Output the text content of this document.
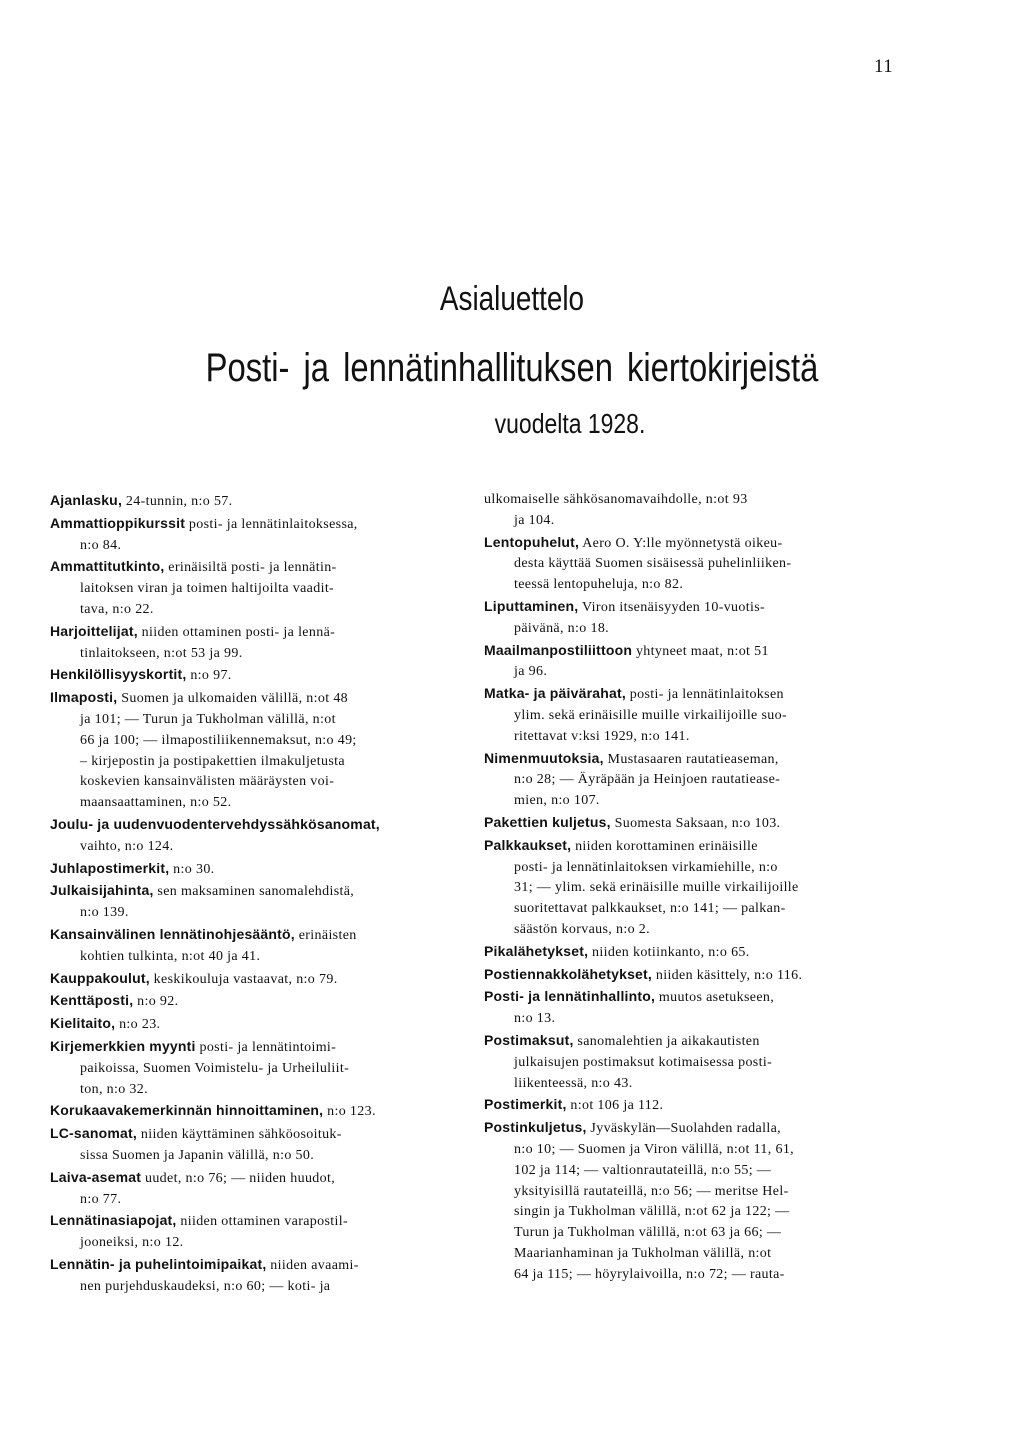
11
Asialuettelo
Posti- ja lennätinhallituksen kiertokirjeistä
vuodelta 1928.

Ajanlasku, 24-tunnin, n:o 57.

Ammattioppikurssit posti- ja lennätinlaitoksessa,
n:o 84.

Ammattitutkinto, erinäisiltä posti- ja lennätin-
laitoksen viran ja toimen haltijoilta vaadit-
tava, n:o 22.

Harjoittelijat, niiden ottaminen posti- ja lennä-
tinlaitokseen, n:ot 53 ja 99.

Henkilöllisyyskortit, n:o 97.

Ilmaposti, Suomen ja ulkomaiden välillä, n:ot 48
ja 101; — Turun ja Tukholman välillä, n:ot
66 ja 100; — ilmapostiliikennemaksut, n:o 49;
– kirjepostin ja postipakettien ilmakuljetusta
koskevien kansainvälisten määräysten voi-
maansaattaminen, n:o 52.

Joulu- ja uudenvuodentervehdyssähkösanomat,
vaihto, n:o 124.

Juhlapostimerkit, n:o 30.

Julkaisijahinta, sen maksaminen sanomalehdistä,
n:o 139.

Kansainvälinen lennätinohjesääntö, erinäisten
kohtien tulkinta, n:ot 40 ja 41.

Kauppakoulut, keskikouluja vastaavat, n:o 79.

Kenttäposti, n:o 92.

Kielitaito, n:o 23.

Kirjemerkkien myynti posti- ja lennätintoimi-
paikoissa, Suomen Voimistelu- ja Urheiluliit-
ton, n:o 32.

Korukaavakemerkinnän hinnoittaminen, n:o 123.

LC-sanomat, niiden käyttäminen sähköosoituk-
sissa Suomen ja Japanin välillä, n:o 50.

Laiva-asemat uudet, n:o 76; — niiden huudot,
n:o 77.

Lennätinasiapojat, niiden ottaminen varapostil-
jooneiksi, n:o 12.

Lennätin- ja puhelintoimipaikat, niiden avaami-
nen purjehduskaudeksi, n:o 60; — koti- ja

ulkomaiselle sähkösanomavaihdolle, n:ot 93
ja 104.

Lentopuhelut, Aero O. Y:lle myönnetystä oikeu-
desta käyttää Suomen sisäisessä puhelinliiken-
teessä lentopuheluja, n:o 82.

Liputtaminen, Viron itsenäisyyden 10-vuotis-
päivänä, n:o 18.

Maailmanpostiliittoon yhtyneet maat, n:ot 51
ja 96.

Matka- ja päivärahat, posti- ja lennätinlaitoksen
ylim. sekä erinäisille muille virkailijoille suo-
ritettavat v:ksi 1929, n:o 141.

Nimenmuutoksia, Mustasaaren rautatieaseman,
n:o 28; — Äyräpään ja Heinjoen rautatiease-
mien, n:o 107.

Pakettien kuljetus, Suomesta Saksaan, n:o 103.

Palkkaukset, niiden korottaminen erinäisille
posti- ja lennätinlaitoksen virkamiehille, n:o
31; — ylim. sekä erinäisille muille virkailijoille
suoritettavat palkkaukset, n:o 141; — palkan-
säästön korvaus, n:o 2.

Pikalähetykset, niiden kotiinkanto, n:o 65.

Postiennakkolähetykset, niiden käsittely, n:o 116.

Posti- ja lennätinhallinto, muutos asetukseen,
n:o 13.

Postimaksut, sanomalehtien ja aikakautisten
julkaisujen postimaksut kotimaisessa posti-
liikenteessä, n:o 43.

Postimerkit, n:ot 106 ja 112.

Postinkuljetus, Jyväskylän—Suolahden radalla,
n:o 10; — Suomen ja Viron välillä, n:ot 11, 61,
102 ja 114; — valtionrautateillä, n:o 55; —
yksityisillä rautateillä, n:o 56; — meritse Hel-
singin ja Tukholman välillä, n:ot 62 ja 122; —
Turun ja Tukholman välillä, n:ot 63 ja 66; —
Maarianhaminan ja Tukholman välillä, n:ot
64 ja 115; — höyrylaivoilla, n:o 72; — rauta-
